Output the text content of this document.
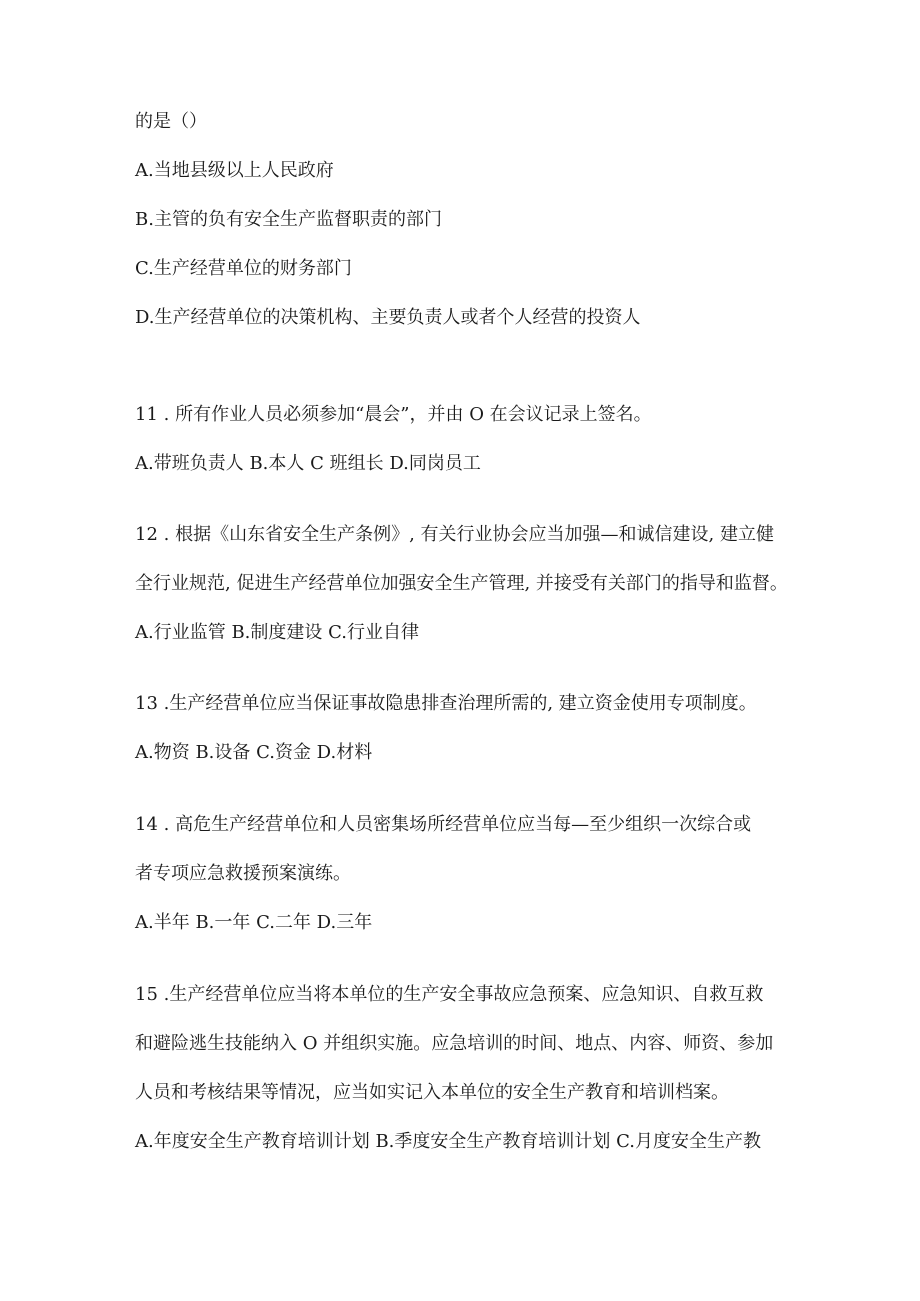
的是（）
A.当地县级以上人民政府
B.主管的负有安全生产监督职责的部门
C.生产经营单位的财务部门
D.生产经营单位的决策机构、主要负责人或者个人经营的投资人
11 . 所有作业人员必须参加“晨会”，并由 O 在会议记录上签名。
A.带班负责人 B.本人 C 班组长 D.同岗员工
12 . 根据《山东省安全生产条例》, 有关行业协会应当加强—和诚信建设, 建立健
全行业规范, 促进生产经营单位加强安全生产管理, 并接受有关部门的指导和监督。
A.行业监管 B.制度建设 C.行业自律
13 .生产经营单位应当保证事故隐患排查治理所需的, 建立资金使用专项制度。
A.物资 B.设备 C.资金 D.材料
14 . 高危生产经营单位和人员密集场所经营单位应当每—至少组织一次综合或
者专项应急救援预案演练。
A.半年 B.一年 C.二年 D.三年
15 .生产经营单位应当将本单位的生产安全事故应急预案、应急知识、自救互救
和避险逃生技能纳入 O 并组织实施。应急培训的时间、地点、内容、师资、参加
人员和考核结果等情况，应当如实记入本单位的安全生产教育和培训档案。
A.年度安全生产教育培训计划 B.季度安全生产教育培训计划 C.月度安全生产教
